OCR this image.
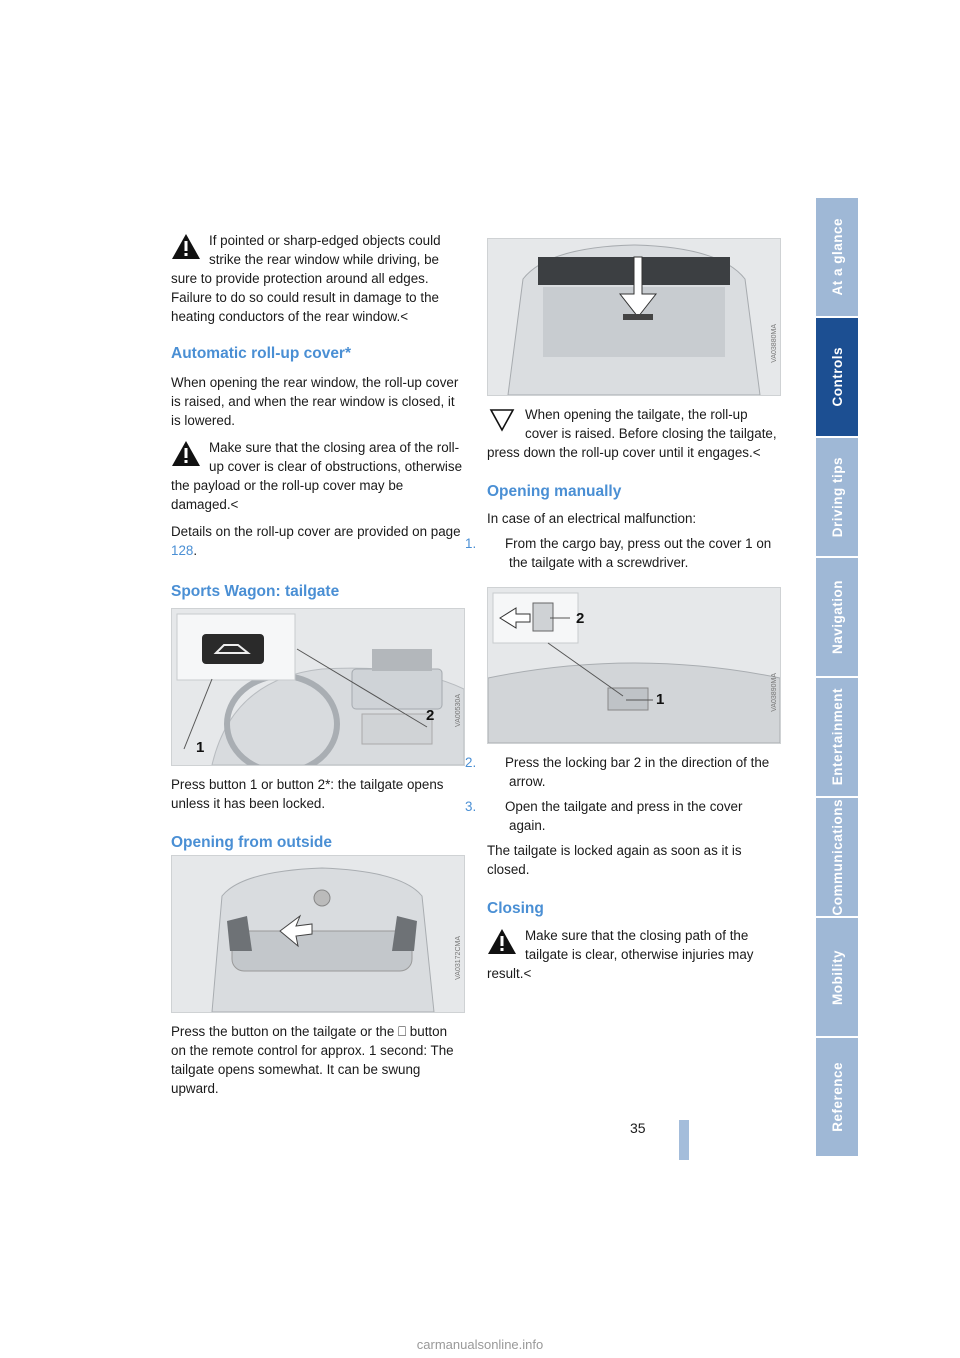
At a glance
Controls
Driving tips
Navigation
Entertainment
Communications
Mobility
Reference

If pointed or sharp-edged objects could strike the rear window while driving, be sure to provide protection around all edges. Failure to do so could result in damage to the heating conductors of the rear window.<

Automatic roll-up cover*

When opening the rear window, the roll-up cover is raised, and when the rear window is closed, it is lowered.

Make sure that the closing area of the roll-up cover is clear of obstructions, otherwise the payload or the roll-up cover may be damaged.<

Details on the roll-up cover are provided on page 128.

Sports Wagon: tailgate

1
2	VA00530A

Press button 1 or button 2*: the tailgate opens unless it has been locked.

Opening from outside

VA03172CMA

Press the button on the tailgate or the ⎕ button on the remote control for approx. 1 second: The tailgate opens somewhat. It can be swung upward.

VA03880MA

When opening the tailgate, the roll-up cover is raised. Before closing the tailgate, press down the roll-up cover until it engages.<

Opening manually

In case of an electrical malfunction:

1. From the cargo bay, press out the cover 1 on the tailgate with a screwdriver.

2
1	VA03890MA

2. Press the locking bar 2 in the direction of the arrow.

3. Open the tailgate and press in the cover again.

The tailgate is locked again as soon as it is closed.

Closing

Make sure that the closing path of the tailgate is clear, otherwise injuries may result.<

35
carmanualsonline.info
